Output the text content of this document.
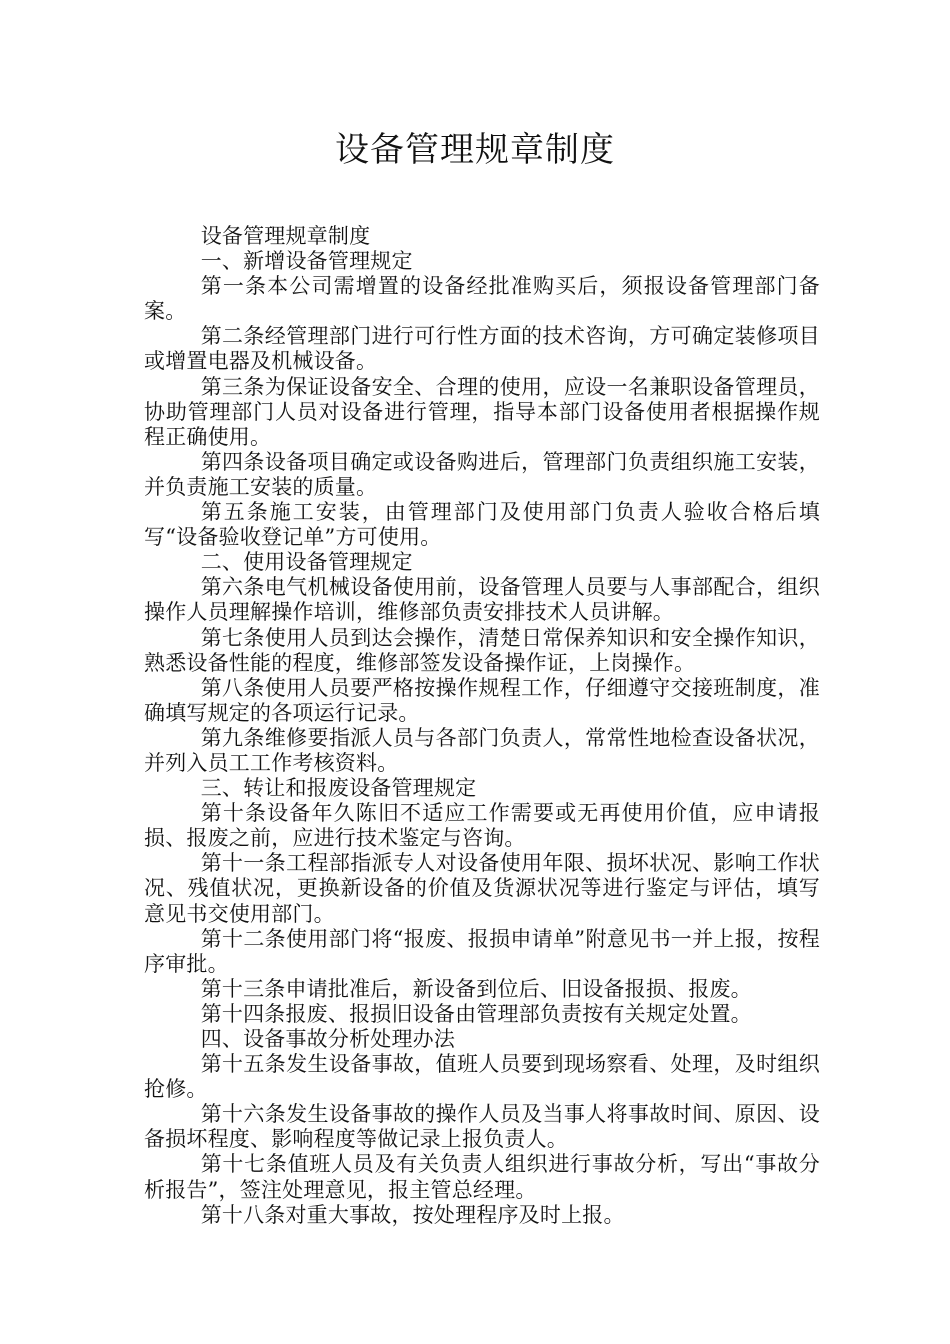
设备管理规章制度

设备管理规章制度

一、新增设备管理规定

第一条本公司需增置的设备经批准购买后，须报设备管理部门备案。

第二条经管理部门进行可行性方面的技术咨询，方可确定装修项目或增置电器及机械设备。

第三条为保证设备安全、合理的使用，应设一名兼职设备管理员，协助管理部门人员对设备进行管理，指导本部门设备使用者根据操作规程正确使用。

第四条设备项目确定或设备购进后，管理部门负责组织施工安装，并负责施工安装的质量。

第五条施工安装，由管理部门及使用部门负责人验收合格后填写“设备验收登记单”方可使用。

二、使用设备管理规定

第六条电气机械设备使用前，设备管理人员要与人事部配合，组织操作人员理解操作培训，维修部负责安排技术人员讲解。

第七条使用人员到达会操作，清楚日常保养知识和安全操作知识，熟悉设备性能的程度，维修部签发设备操作证，上岗操作。

第八条使用人员要严格按操作规程工作，仔细遵守交接班制度，准确填写规定的各项运行记录。

第九条维修要指派人员与各部门负责人，常常性地检查设备状况，并列入员工工作考核资料。

三、转让和报废设备管理规定

第十条设备年久陈旧不适应工作需要或无再使用价值，应申请报损、报废之前，应进行技术鉴定与咨询。

第十一条工程部指派专人对设备使用年限、损坏状况、影响工作状况、残值状况，更换新设备的价值及货源状况等进行鉴定与评估，填写意见书交使用部门。

第十二条使用部门将“报废、报损申请单”附意见书一并上报，按程序审批。

第十三条申请批准后，新设备到位后、旧设备报损、报废。

第十四条报废、报损旧设备由管理部负责按有关规定处置。

四、设备事故分析处理办法

第十五条发生设备事故，值班人员要到现场察看、处理，及时组织抢修。

第十六条发生设备事故的操作人员及当事人将事故时间、原因、设备损坏程度、影响程度等做记录上报负责人。

第十七条值班人员及有关负责人组织进行事故分析，写出“事故分析报告”，签注处理意见，报主管总经理。

第十八条对重大事故，按处理程序及时上报。
